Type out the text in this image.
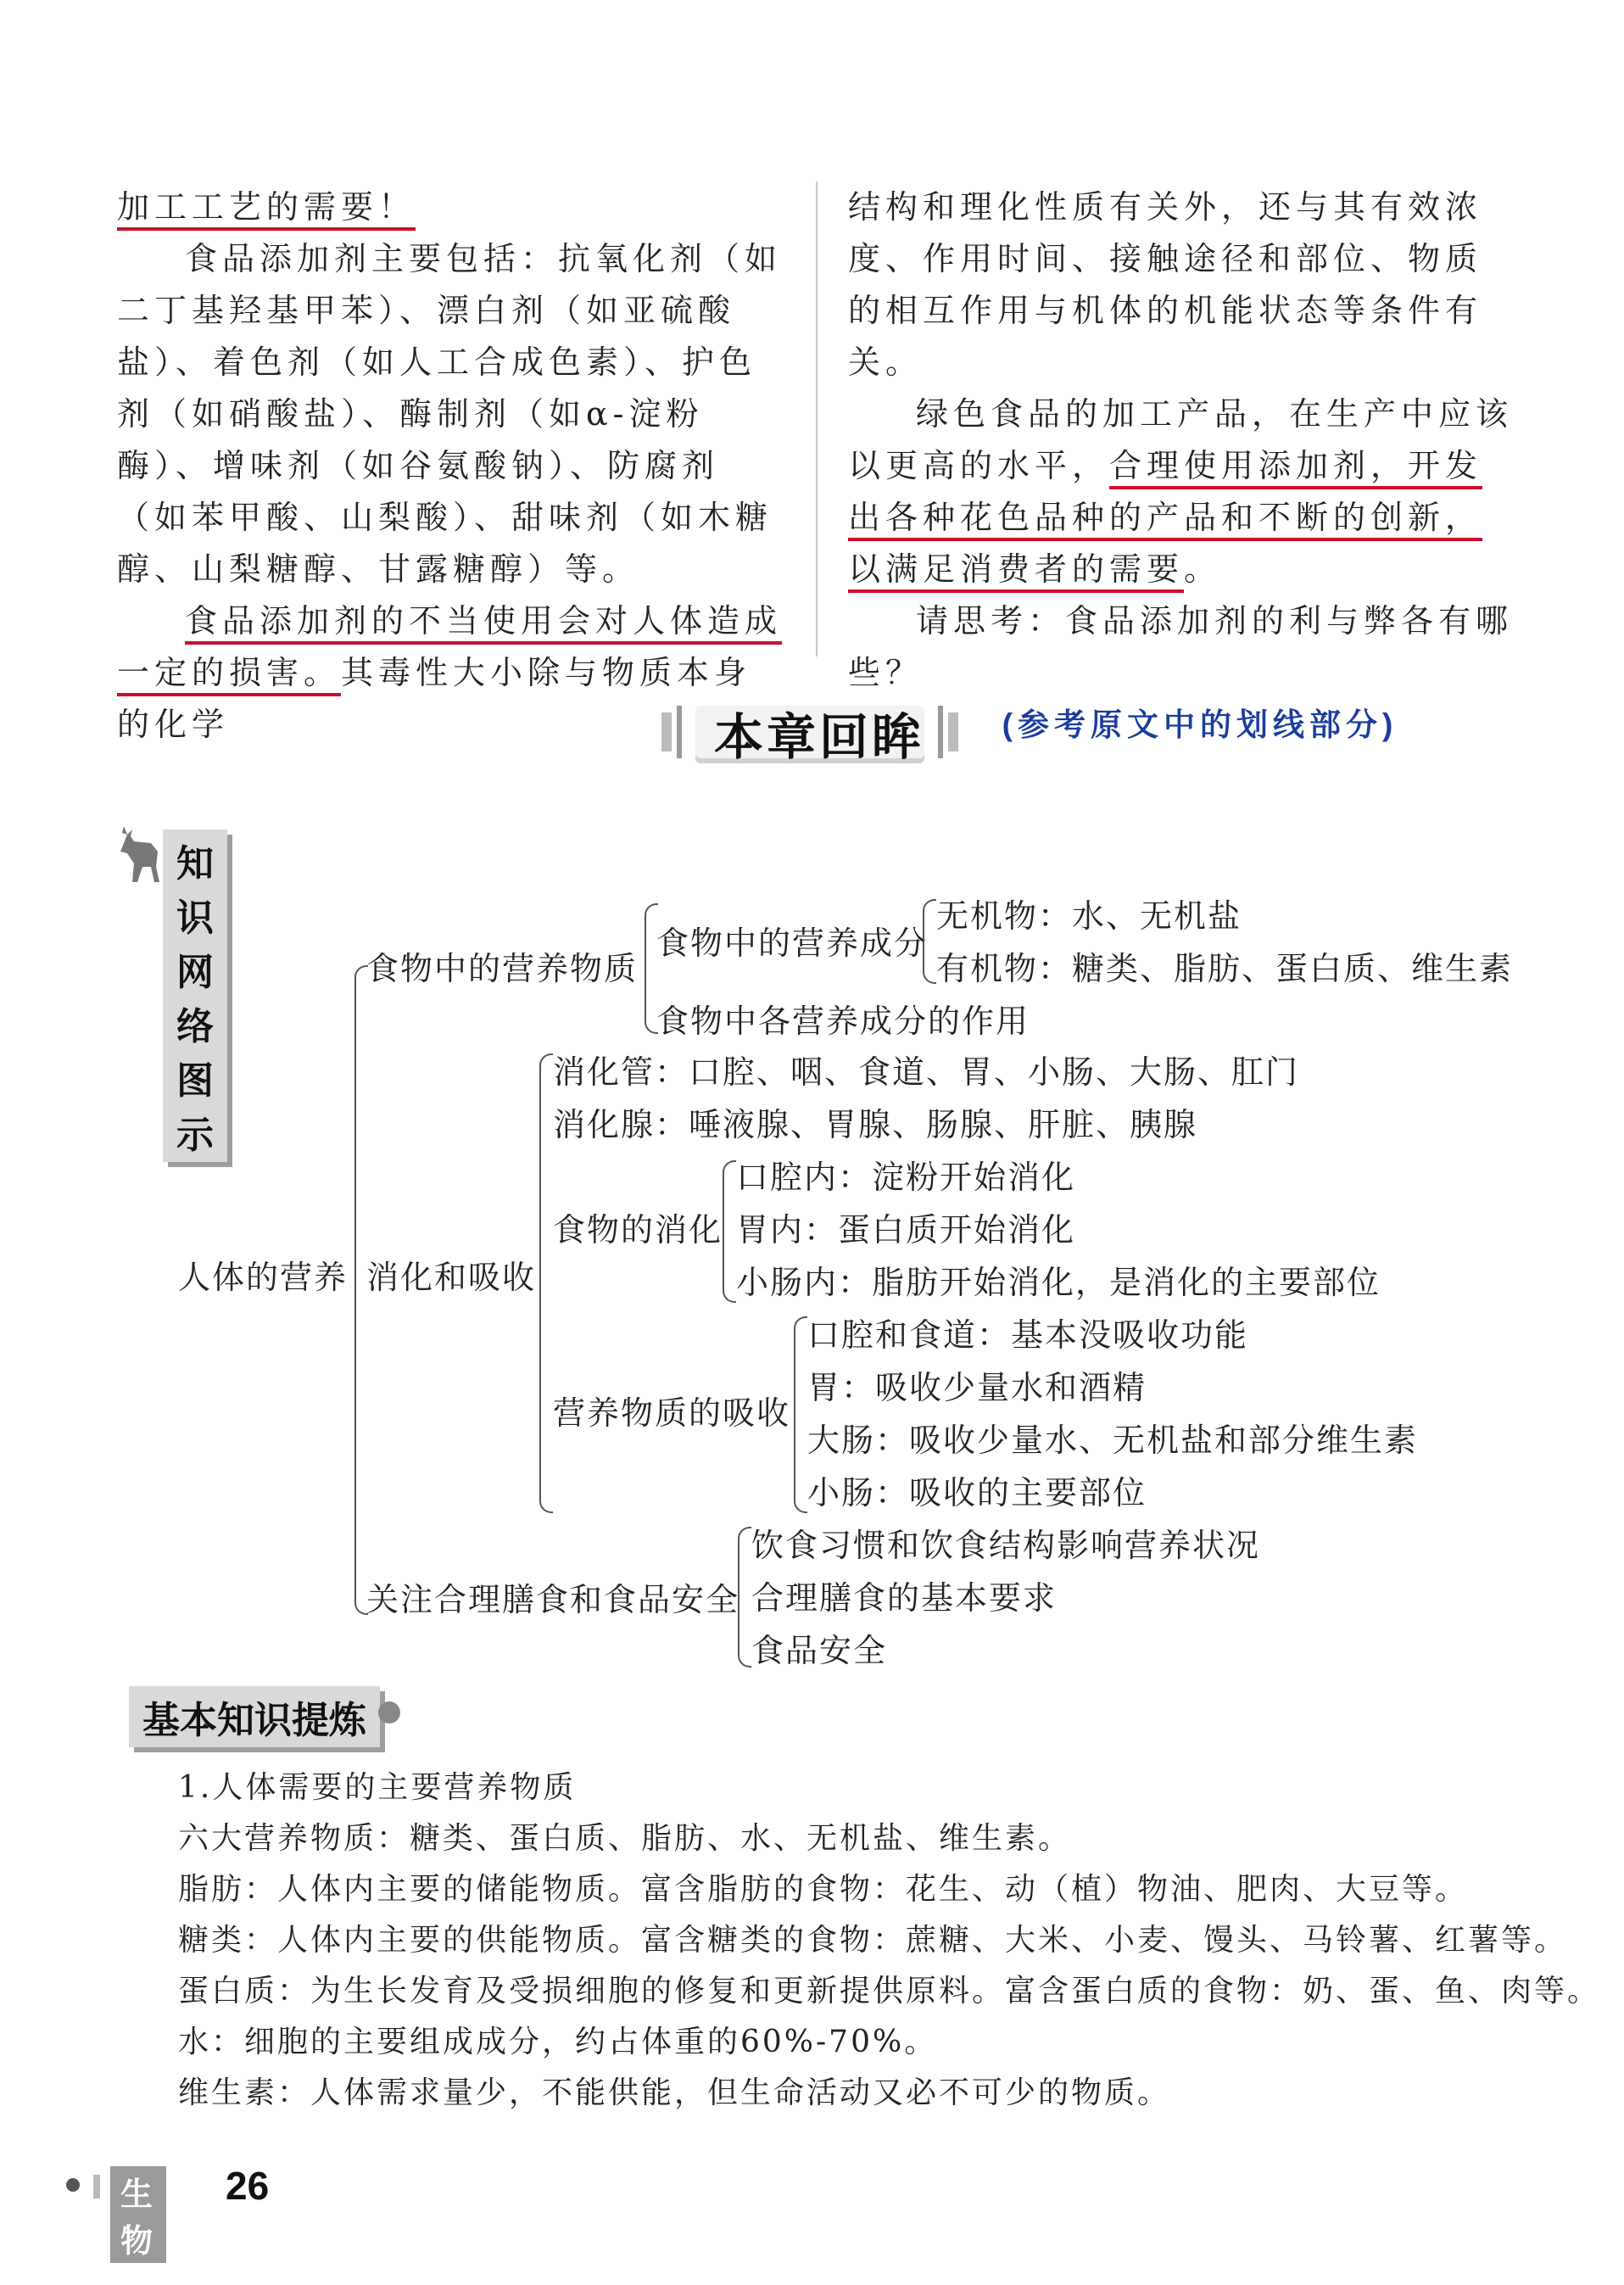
加工工艺的需要！

食品添加剂主要包括：抗氧化剂（如二丁基羟基甲苯）、漂白剂（如亚硫酸盐）、着色剂（如人工合成色素）、护色剂（如硝酸盐）、酶制剂（如α-淀粉酶）、增味剂（如谷氨酸钠）、防腐剂（如苯甲酸、山梨酸）、甜味剂（如木糖醇、山梨糖醇、甘露糖醇）等。

食品添加剂的不当使用会对人体造成一定的损害。其毒性大小除与物质本身的化学

结构和理化性质有关外，还与其有效浓度、作用时间、接触途径和部位、物质的相互作用与机体的机能状态等条件有关。

绿色食品的加工产品，在生产中应该以更高的水平，合理使用添加剂，开发出各种花色品种的产品和不断的创新，以满足消费者的需要。

请思考：食品添加剂的利与弊各有哪些？

(参考原文中的划线部分)

本章回眸
知识网络图示
人体的营养
食物中的营养物质
食物中的营养成分
无机物：水、无机盐
有机物：糖类、脂肪、蛋白质、维生素
食物中各营养成分的作用
消化和吸收
消化管：口腔、咽、食道、胃、小肠、大肠、肛门
消化腺：唾液腺、胃腺、肠腺、肝脏、胰腺
食物的消化
口腔内：淀粉开始消化
胃内：蛋白质开始消化
小肠内：脂肪开始消化，是消化的主要部位
营养物质的吸收
口腔和食道：基本没吸收功能
胃：吸收少量水和酒精
大肠：吸收少量水、无机盐和部分维生素
小肠：吸收的主要部位
关注合理膳食和食品安全
饮食习惯和饮食结构影响营养状况
合理膳食的基本要求
食品安全
基本知识提炼

1.人体需要的主要营养物质

六大营养物质：糖类、蛋白质、脂肪、水、无机盐、维生素。

脂肪：人体内主要的储能物质。富含脂肪的食物：花生、动（植）物油、肥肉、大豆等。

糖类：人体内主要的供能物质。富含糖类的食物：蔗糖、大米、小麦、馒头、马铃薯、红薯等。

蛋白质：为生长发育及受损细胞的修复和更新提供原料。富含蛋白质的食物：奶、蛋、鱼、肉等。

水：细胞的主要组成成分，约占体重的60%-70%。

维生素：人体需求量少，不能供能，但生命活动又必不可少的物质。

生物
26
